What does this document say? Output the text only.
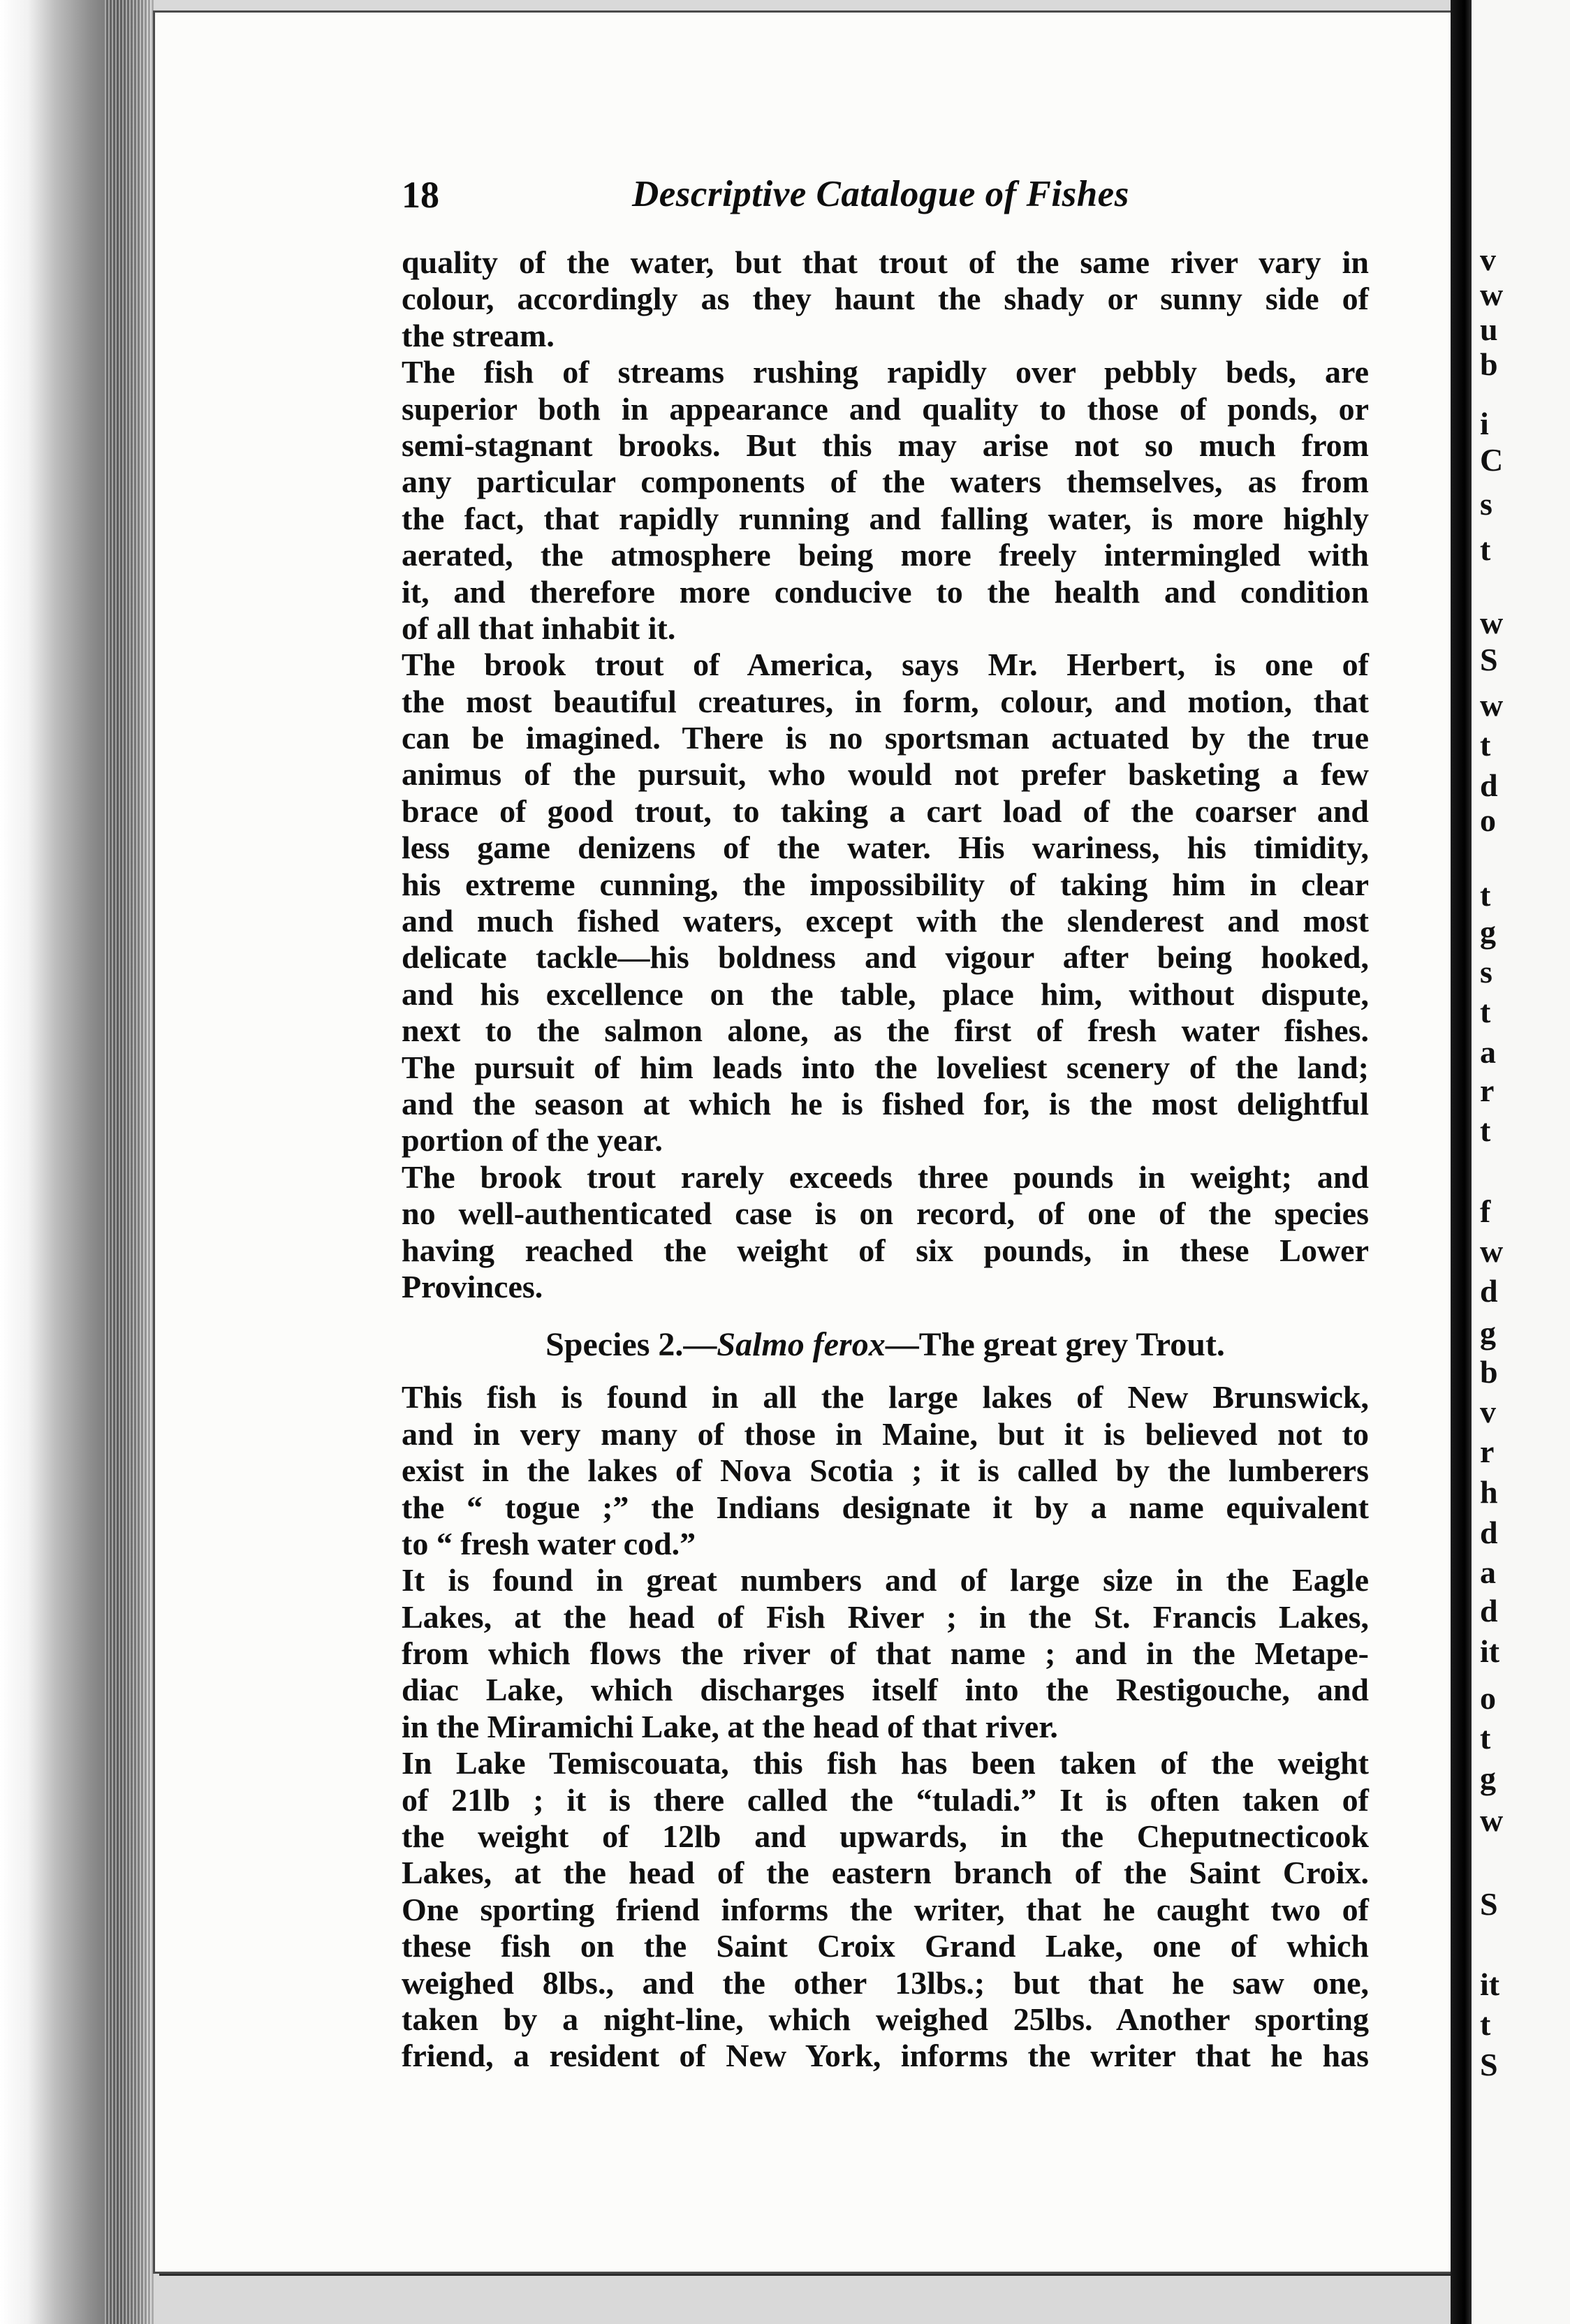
18	Descriptive Catalogue of Fishes
quality of the water, but that trout of the same river vary in
colour, accordingly as they haunt the shady or sunny side of
the stream.
The fish of streams rushing rapidly over pebbly beds, are
superior both in appearance and quality to those of ponds, or
semi-stagnant brooks. But this may arise not so much from
any particular components of the waters themselves, as from
the fact, that rapidly running and falling water, is more highly
aerated, the atmosphere being more freely intermingled with
it, and therefore more conducive to the health and condition
of all that inhabit it.
The brook trout of America, says Mr. Herbert, is one of
the most beautiful creatures, in form, colour, and motion, that
can be imagined. There is no sportsman actuated by the true
animus of the pursuit, who would not prefer basketing a few
brace of good trout, to taking a cart load of the coarser and
less game denizens of the water. His wariness, his timidity,
his extreme cunning, the impossibility of taking him in clear
and much fished waters, except with the slenderest and most
delicate tackle—his boldness and vigour after being hooked,
and his excellence on the table, place him, without dispute,
next to the salmon alone, as the first of fresh water fishes.
The pursuit of him leads into the loveliest scenery of the land;
and the season at which he is fished for, is the most delightful
portion of the year.
The brook trout rarely exceeds three pounds in weight; and
no well-authenticated case is on record, of one of the species
having reached the weight of six pounds, in these Lower
Provinces.
Species 2.—Salmo ferox—The great grey Trout.
This fish is found in all the large lakes of New Brunswick,
and in very many of those in Maine, but it is believed not to
exist in the lakes of Nova Scotia ; it is called by the lumberers
the “ togue ;” the Indians designate it by a name equivalent
to “ fresh water cod.”
It is found in great numbers and of large size in the Eagle
Lakes, at the head of Fish River ; in the St. Francis Lakes,
from which flows the river of that name ; and in the Metape-
diac Lake, which discharges itself into the Restigouche, and
in the Miramichi Lake, at the head of that river.
In Lake Temiscouata, this fish has been taken of the weight
of 21lb ; it is there called the “tuladi.” It is often taken of
the weight of 12lb and upwards, in the Cheputnecticook
Lakes, at the head of the eastern branch of the Saint Croix.
One sporting friend informs the writer, that he caught two of
these fish on the Saint Croix Grand Lake, one of which
weighed 8lbs., and the other 13lbs.; but that he saw one,
taken by a night-line, which weighed 25lbs. Another sporting
friend, a resident of New York, informs the writer that he has
v
w
u
b
i
C
s
t
w
S
w
t
d
o
t
g
s
t
a
r
t
f
w
d
g
b
v
r
h
d
a
d
it
o
t
g
w
S
it
t
S
